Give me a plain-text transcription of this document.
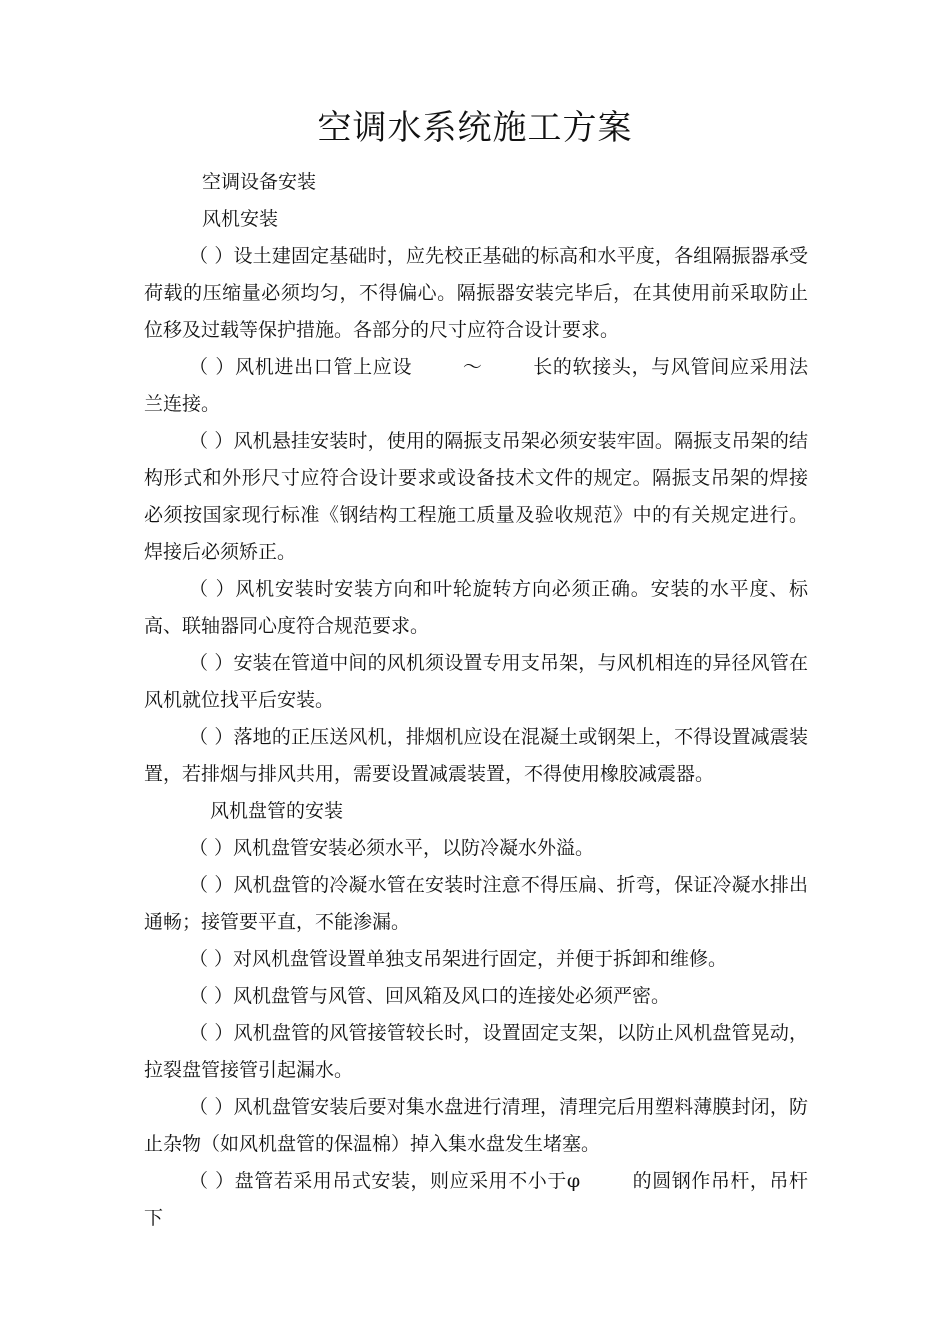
空调水系统施工方案

空调设备安装

风机安装

（ ）设土建固定基础时，应先校正基础的标高和水平度，各组隔振器承受荷载的压缩量必须均匀，不得偏心。隔振器安装完毕后，在其使用前采取防止位移及过载等保护措施。各部分的尺寸应符合设计要求。

（ ）风机进出口管上应设	～	长的软接头，与风管间应采用法兰连接。

（ ）风机悬挂安装时，使用的隔振支吊架必须安装牢固。隔振支吊架的结构形式和外形尺寸应符合设计要求或设备技术文件的规定。隔振支吊架的焊接必须按国家现行标准《钢结构工程施工质量及验收规范》中的有关规定进行。焊接后必须矫正。

（ ）风机安装时安装方向和叶轮旋转方向必须正确。安装的水平度、标高、联轴器同心度符合规范要求。

（ ）安装在管道中间的风机须设置专用支吊架，与风机相连的异径风管在风机就位找平后安装。

（ ）落地的正压送风机，排烟机应设在混凝土或钢架上，不得设置减震装置，若排烟与排风共用，需要设置减震装置，不得使用橡胶减震器。

风机盘管的安装

（ ）风机盘管安装必须水平，以防冷凝水外溢。

（ ）风机盘管的冷凝水管在安装时注意不得压扁、折弯，保证冷凝水排出通畅；接管要平直，不能渗漏。

（ ）对风机盘管设置单独支吊架进行固定，并便于拆卸和维修。

（ ）风机盘管与风管、回风箱及风口的连接处必须严密。

（ ）风机盘管的风管接管较长时，设置固定支架，以防止风机盘管晃动，拉裂盘管接管引起漏水。

（ ）风机盘管安装后要对集水盘进行清理，清理完后用塑料薄膜封闭，防止杂物（如风机盘管的保温棉）掉入集水盘发生堵塞。

（ ）盘管若采用吊式安装，则应采用不小于φ	的圆钢作吊杆，吊杆下
